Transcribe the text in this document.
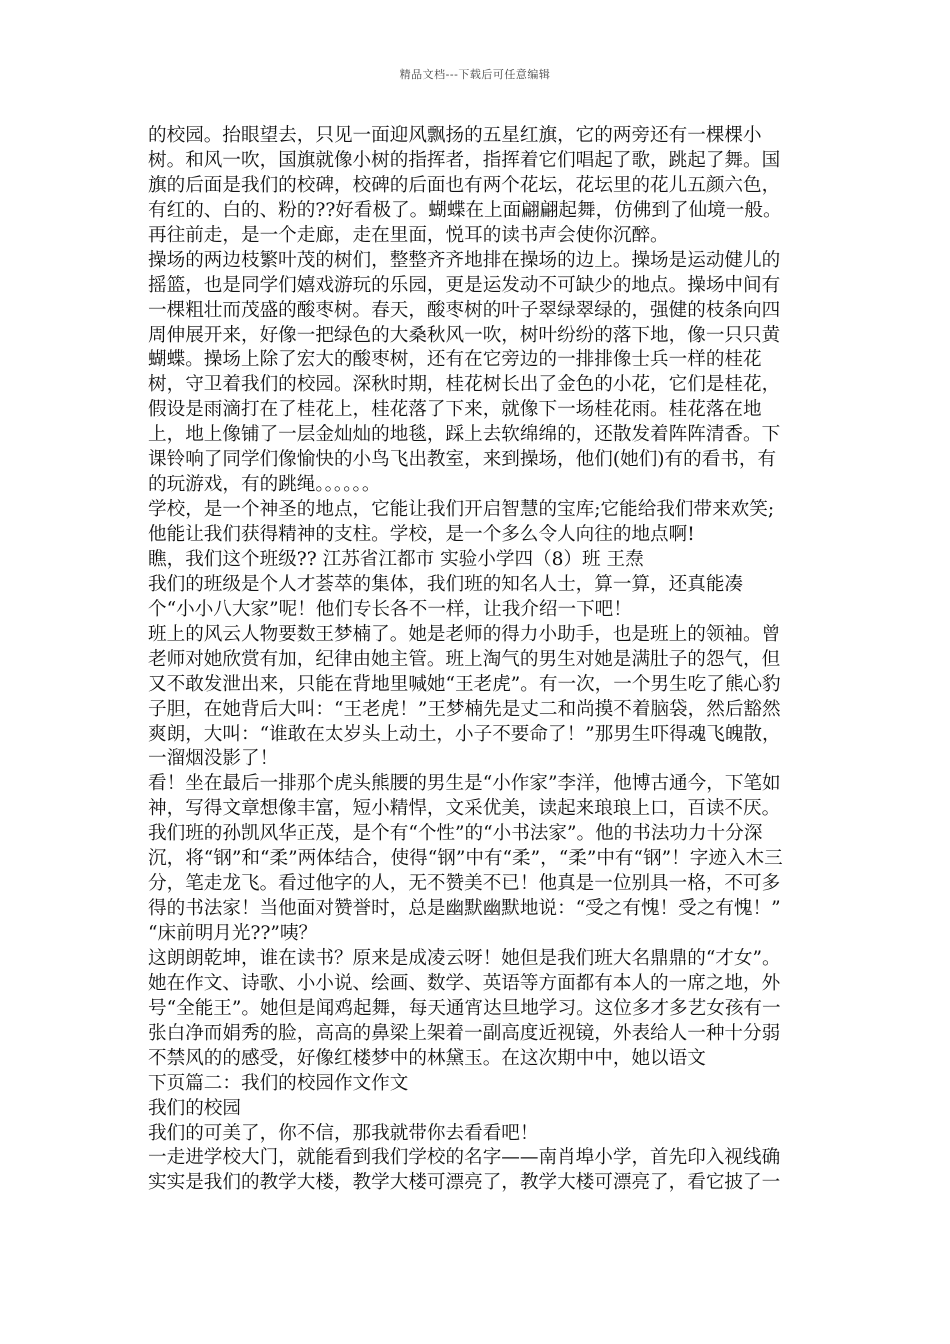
精品文档---下载后可任意编辑
的校园。抬眼望去，只见一面迎风飘扬的五星红旗，它的两旁还有一棵棵小
树。和风一吹，国旗就像小树的指挥者，指挥着它们唱起了歌，跳起了舞。国
旗的后面是我们的校碑，校碑的后面也有两个花坛，花坛里的花儿五颜六色，
有红的、白的、粉的??好看极了。蝴蝶在上面翩翩起舞，仿佛到了仙境一般。
再往前走，是一个走廊，走在里面，悦耳的读书声会使你沉醉。
操场的两边枝繁叶茂的树们，整整齐齐地排在操场的边上。操场是运动健儿的
摇篮，也是同学们嬉戏游玩的乐园，更是运发动不可缺少的地点。操场中间有
一棵粗壮而茂盛的酸枣树。春天，酸枣树的叶子翠绿翠绿的，强健的枝条向四
周伸展开来，好像一把绿色的大桑秋风一吹，树叶纷纷的落下地，像一只只黄
蝴蝶。操场上除了宏大的酸枣树，还有在它旁边的一排排像士兵一样的桂花
树，守卫着我们的校园。深秋时期，桂花树长出了金色的小花，它们是桂花，
假设是雨滴打在了桂花上，桂花落了下来，就像下一场桂花雨。桂花落在地
上，地上像铺了一层金灿灿的地毯，踩上去软绵绵的，还散发着阵阵清香。下
课铃响了同学们像愉快的小鸟飞出教室，来到操场，他们(她们)有的看书，有
的玩游戏，有的跳绳。。。。。。
学校，是一个神圣的地点，它能让我们开启智慧的宝库;它能给我们带来欢笑;
他能让我们获得精神的支柱。学校，是一个多么令人向往的地点啊!
瞧，我们这个班级?? 江苏省江都市 实验小学四（8）班 王焘
我们的班级是个人才荟萃的集体，我们班的知名人士，算一算，还真能凑
个“小小八大家”呢！他们专长各不一样，让我介绍一下吧！
班上的风云人物要数王梦楠了。她是老师的得力小助手，也是班上的领袖。曾
老师对她欣赏有加，纪律由她主管。班上淘气的男生对她是满肚子的怨气，但
又不敢发泄出来，只能在背地里喊她“王老虎”。有一次，一个男生吃了熊心豹
子胆，在她背后大叫：“王老虎！”王梦楠先是丈二和尚摸不着脑袋，然后豁然
爽朗，大叫：“谁敢在太岁头上动土，小子不要命了！”那男生吓得魂飞魄散，
一溜烟没影了！
看！坐在最后一排那个虎头熊腰的男生是“小作家”李洋，他博古通今，下笔如
神，写得文章想像丰富，短小精悍，文采优美，读起来琅琅上口，百读不厌。
我们班的孙凯风华正茂，是个有“个性”的“小书法家”。他的书法功力十分深
沉，将“钢”和“柔”两体结合，使得“钢”中有“柔”，“柔”中有“钢”！字迹入木三
分，笔走龙飞。看过他字的人，无不赞美不已！他真是一位别具一格，不可多
得的书法家！当他面对赞誉时，总是幽默幽默地说：“受之有愧！受之有愧！”
“床前明月光??”咦？
这朗朗乾坤，谁在读书？原来是成凌云呀！她但是我们班大名鼎鼎的“才女”。
她在作文、诗歌、小小说、绘画、数学、英语等方面都有本人的一席之地，外
号“全能王”。她但是闻鸡起舞，每天通宵达旦地学习。这位多才多艺女孩有一
张白净而娟秀的脸，高高的鼻梁上架着一副高度近视镜，外表给人一种十分弱
不禁风的的感受，好像红楼梦中的林黛玉。在这次期中中，她以语文
下页篇二：我们的校园作文作文
我们的校园
我们的可美了，你不信，那我就带你去看看吧！
一走进学校大门，就能看到我们学校的名字——南肖埠小学，首先印入视线确
实实是我们的教学大楼，教学大楼可漂亮了，教学大楼可漂亮了，看它披了一
